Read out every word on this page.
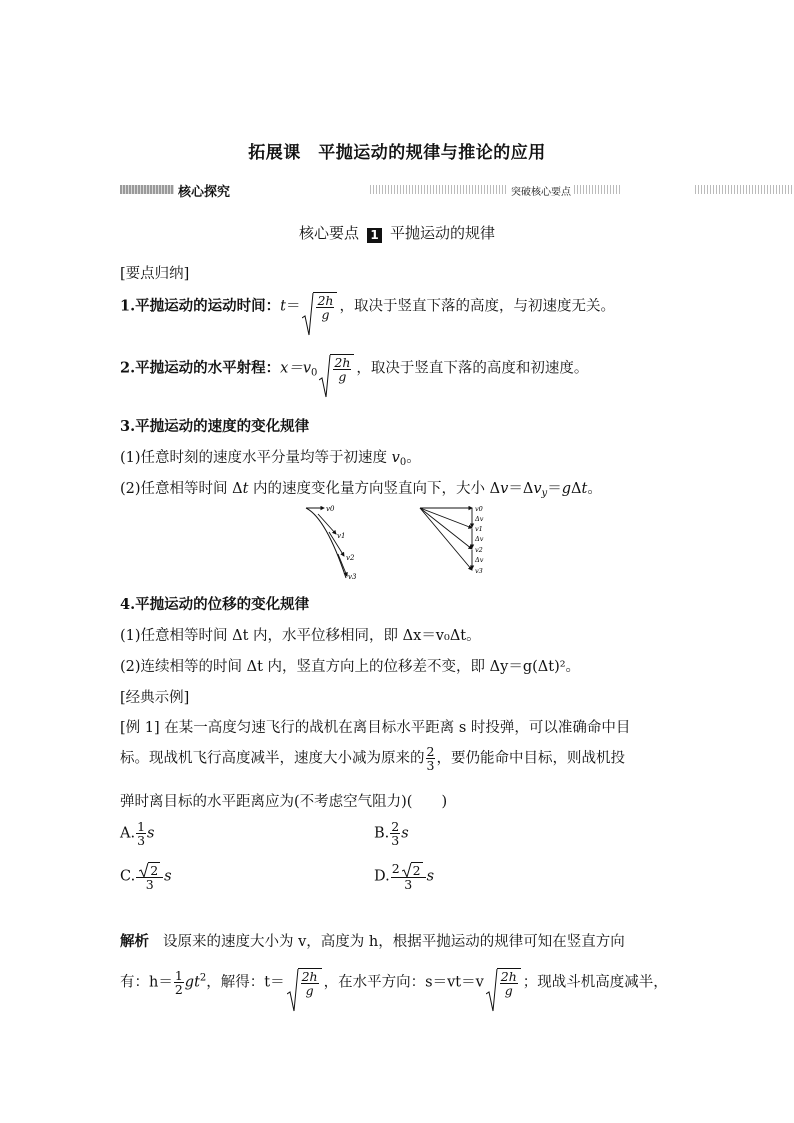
拓展课　平抛运动的规律与推论的应用
核心探究	突破核心要点
核心要点 1 平抛运动的规律
[要点归纳]
1.平抛运动的运动时间：$t= \frac{2h}{g}$ ，取决于竖直下落的高度，与初速度无关。
2.平抛运动的水平射程：$x=v_0 \frac{2h}{g}$ ，取决于竖直下落的高度和初速度。
3.平抛运动的速度的变化规律
(1)任意时刻的速度水平分量均等于初速度 $v_0$。
(2)任意相等时间 Δt 内的速度变化量方向竖直向下，大小 $\Delta v=\Delta v_y=g\Delta t$。
v0
v1
v2
v3
v0
Δv
v1
Δv
v2
Δv
v3
4.平抛运动的位移的变化规律
(1)任意相等时间 Δt 内，水平位移相同，即 Δx＝v₀Δt。
(2)连续相等的时间 Δt 内，竖直方向上的位移差不变，即 Δy＝g(Δt)²。
[经典示例]
[例 1] 在某一高度匀速飞行的战机在离目标水平距离 s 时投弹，可以准确命中目
标。现战机飞行高度减半，速度大小减为原来的 $\frac{2}{3}$ ，要仍能命中目标，则战机投
弹时离目标的水平距离应为(不考虑空气阻力)(　　)
A. $\frac{1}{3}$ s	B. $\frac{2}{3}$ s
C. $\frac{2}{3}$ s	D. $\frac{2 2}{3}$ s
解析 设原来的速度大小为 v，高度为 h，根据平抛运动的规律可知在竖直方向
有：$h= \frac{1}{2} gt^2$，解得：$t= \frac{2h}{g}$ ，在水平方向：$s=vt=v \frac{2h}{g}$ ；现战斗机高度减半，
